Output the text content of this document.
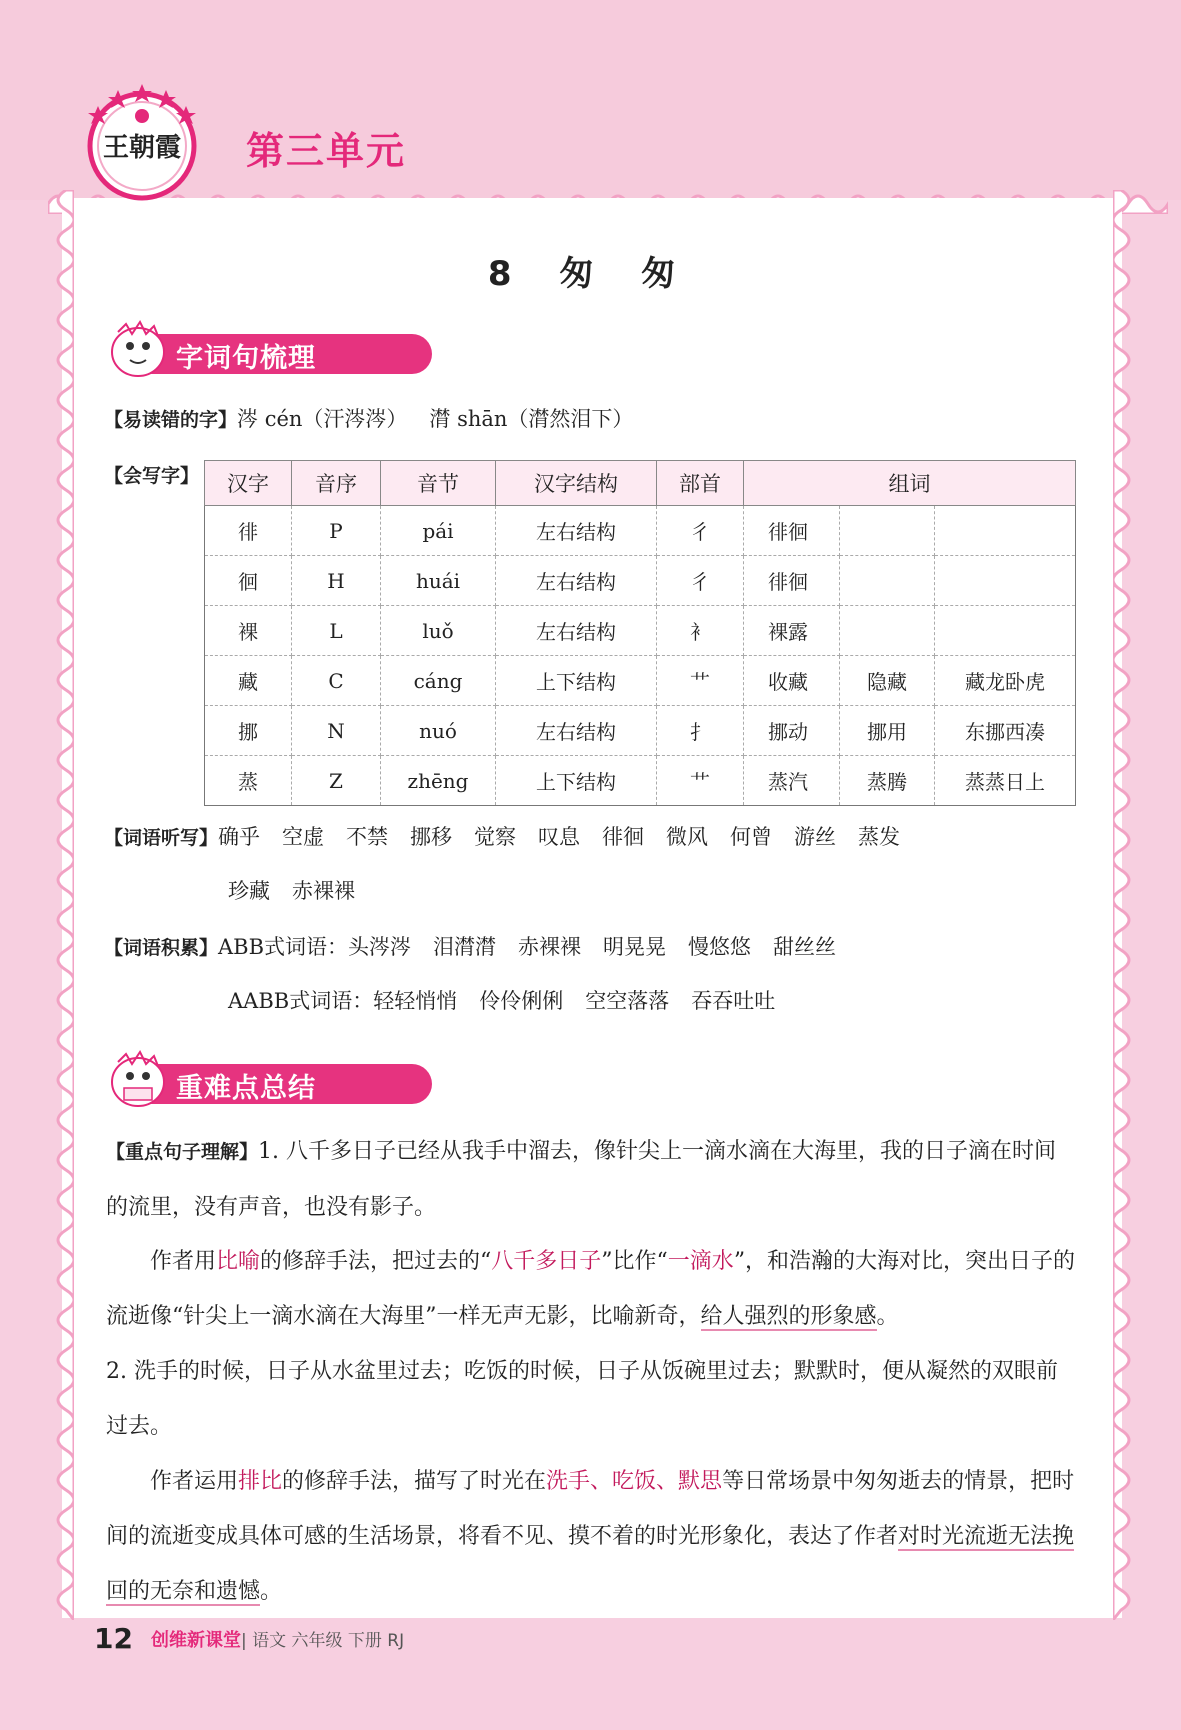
王朝霞 第三单元
8 匆 匆
字词句梳理
【易读错的字】涔 cén（汗涔涔） 潸 shān（潸然泪下）
【会写字】 汉字	音序	音节	汉字结构	部首	组词		
徘	P	pái	左右结构	彳	徘徊		
徊	H	huái	左右结构	彳	徘徊		
裸	L	luǒ	左右结构	衤	裸露		
藏	C	cáng	上下结构	艹	收藏	隐藏	藏龙卧虎
挪	N	nuó	左右结构	扌	挪动	挪用	东挪西凑
蒸	Z	zhēng	上下结构	艹	蒸汽	蒸腾	蒸蒸日上
【词语听写】确乎 空虚 不禁 挪移 觉察 叹息 徘徊 微风 何曾 游丝 蒸发
珍藏 赤裸裸
【词语积累】ABB式词语：头涔涔 泪潸潸 赤裸裸 明晃晃 慢悠悠 甜丝丝
AABB式词语：轻轻悄悄 伶伶俐俐 空空落落 吞吞吐吐
重难点总结
【重点句子理解】1. 八千多日子已经从我手中溜去，像针尖上一滴水滴在大海里，我的日子滴在时间的流里，没有声音，也没有影子。
作者用比喻的修辞手法，把过去的“八千多日子”比作“一滴水”，和浩瀚的大海对比，突出日子的流逝像“针尖上一滴水滴在大海里”一样无声无影，比喻新奇，给人强烈的形象感。
2. 洗手的时候，日子从水盆里过去；吃饭的时候，日子从饭碗里过去；默默时，便从凝然的双眼前过去。
作者运用排比的修辞手法，描写了时光在洗手、吃饭、默思等日常场景中匆匆逝去的情景，把时间的流逝变成具体可感的生活场景，将看不见、摸不着的时光形象化，表达了作者对时光流逝无法挽回的无奈和遗憾。
12 创维新课堂| 语文 六年级 下册 RJ
